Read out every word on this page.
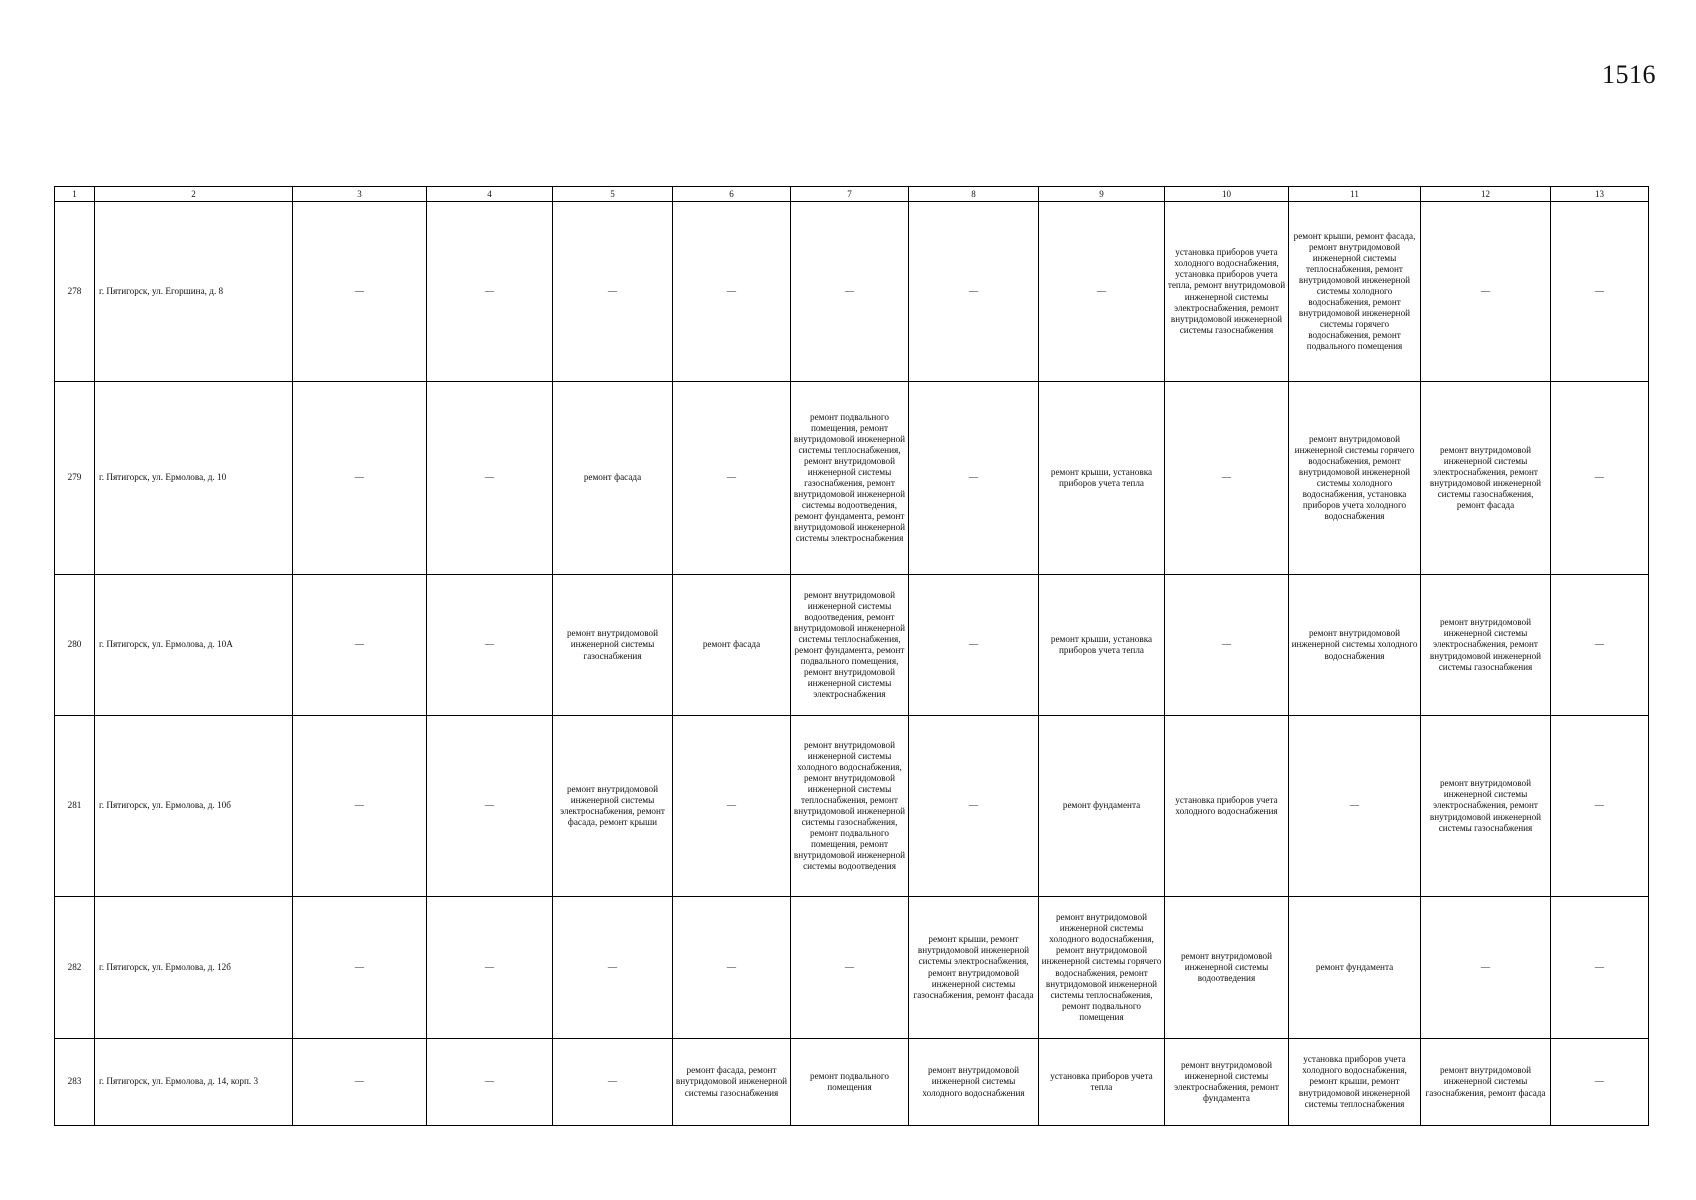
1516
1	2	3	4	5	6	7	8	9	10	11	12	13
278	г. Пятигорск, ул. Егоршина, д. 8	—	—	—	—	—	—	—	установка приборов учета холодного водоснабжения, установка приборов учета тепла, ремонт внутридомовой инженерной системы электроснабжения, ремонт внутридомовой инженерной системы газоснабжения	ремонт крыши, ремонт фасада, ремонт внутридомовой инженерной системы теплоснабжения, ремонт внутридомовой инженерной системы холодного водоснабжения, ремонт внутридомовой инженерной системы горячего водоснабжения, ремонт подвального помещения	—	—
279	г. Пятигорск, ул. Ермолова, д. 10	—	—	ремонт фасада	—	ремонт подвального помещения, ремонт внутридомовой инженерной системы теплоснабжения, ремонт внутридомовой инженерной системы газоснабжения, ремонт внутридомовой инженерной системы водоотведения, ремонт фундамента, ремонт внутридомовой инженерной системы электроснабжения	—	ремонт крыши, установка приборов учета тепла	—	ремонт внутридомовой инженерной системы горячего водоснабжения, ремонт внутридомовой инженерной системы холодного водоснабжения, установка приборов учета холодного водоснабжения	ремонт внутридомовой инженерной системы электроснабжения, ремонт внутридомовой инженерной системы газоснабжения, ремонт фасада	—
280	г. Пятигорск, ул. Ермолова, д. 10А	—	—	ремонт внутридомовой инженерной системы газоснабжения	ремонт фасада	ремонт внутридомовой инженерной системы водоотведения, ремонт внутридомовой инженерной системы теплоснабжения, ремонт фундамента, ремонт подвального помещения, ремонт внутридомовой инженерной системы электроснабжения	—	ремонт крыши, установка приборов учета тепла	—	ремонт внутридомовой инженерной системы холодного водоснабжения	ремонт внутридомовой инженерной системы электроснабжения, ремонт внутридомовой инженерной системы газоснабжения	—
281	г. Пятигорск, ул. Ермолова, д. 10б	—	—	ремонт внутридомовой инженерной системы электроснабжения, ремонт фасада, ремонт крыши	—	ремонт внутридомовой инженерной системы холодного водоснабжения, ремонт внутридомовой инженерной системы теплоснабжения, ремонт внутридомовой инженерной системы газоснабжения, ремонт подвального помещения, ремонт внутридомовой инженерной системы водоотведения	—	ремонт фундамента	установка приборов учета холодного водоснабжения	—	ремонт внутридомовой инженерной системы электроснабжения, ремонт внутридомовой инженерной системы газоснабжения	—
282	г. Пятигорск, ул. Ермолова, д. 12б	—	—	—	—	—	ремонт крыши, ремонт внутридомовой инженерной системы электроснабжения, ремонт внутридомовой инженерной системы газоснабжения, ремонт фасада	ремонт внутридомовой инженерной системы холодного водоснабжения, ремонт внутридомовой инженерной системы горячего водоснабжения, ремонт внутридомовой инженерной системы теплоснабжения, ремонт подвального помещения	ремонт внутридомовой инженерной системы водоотведения	ремонт фундамента	—	—
283	г. Пятигорск, ул. Ермолова, д. 14, корп. 3	—	—	—	ремонт фасада, ремонт внутридомовой инженерной системы газоснабжения	ремонт подвального помещения	ремонт внутридомовой инженерной системы холодного водоснабжения	установка приборов учета тепла	ремонт внутридомовой инженерной системы электроснабжения, ремонт фундамента	установка приборов учета холодного водоснабжения, ремонт крыши, ремонт внутридомовой инженерной системы теплоснабжения	ремонт внутридомовой инженерной системы газоснабжения, ремонт фасада	—
